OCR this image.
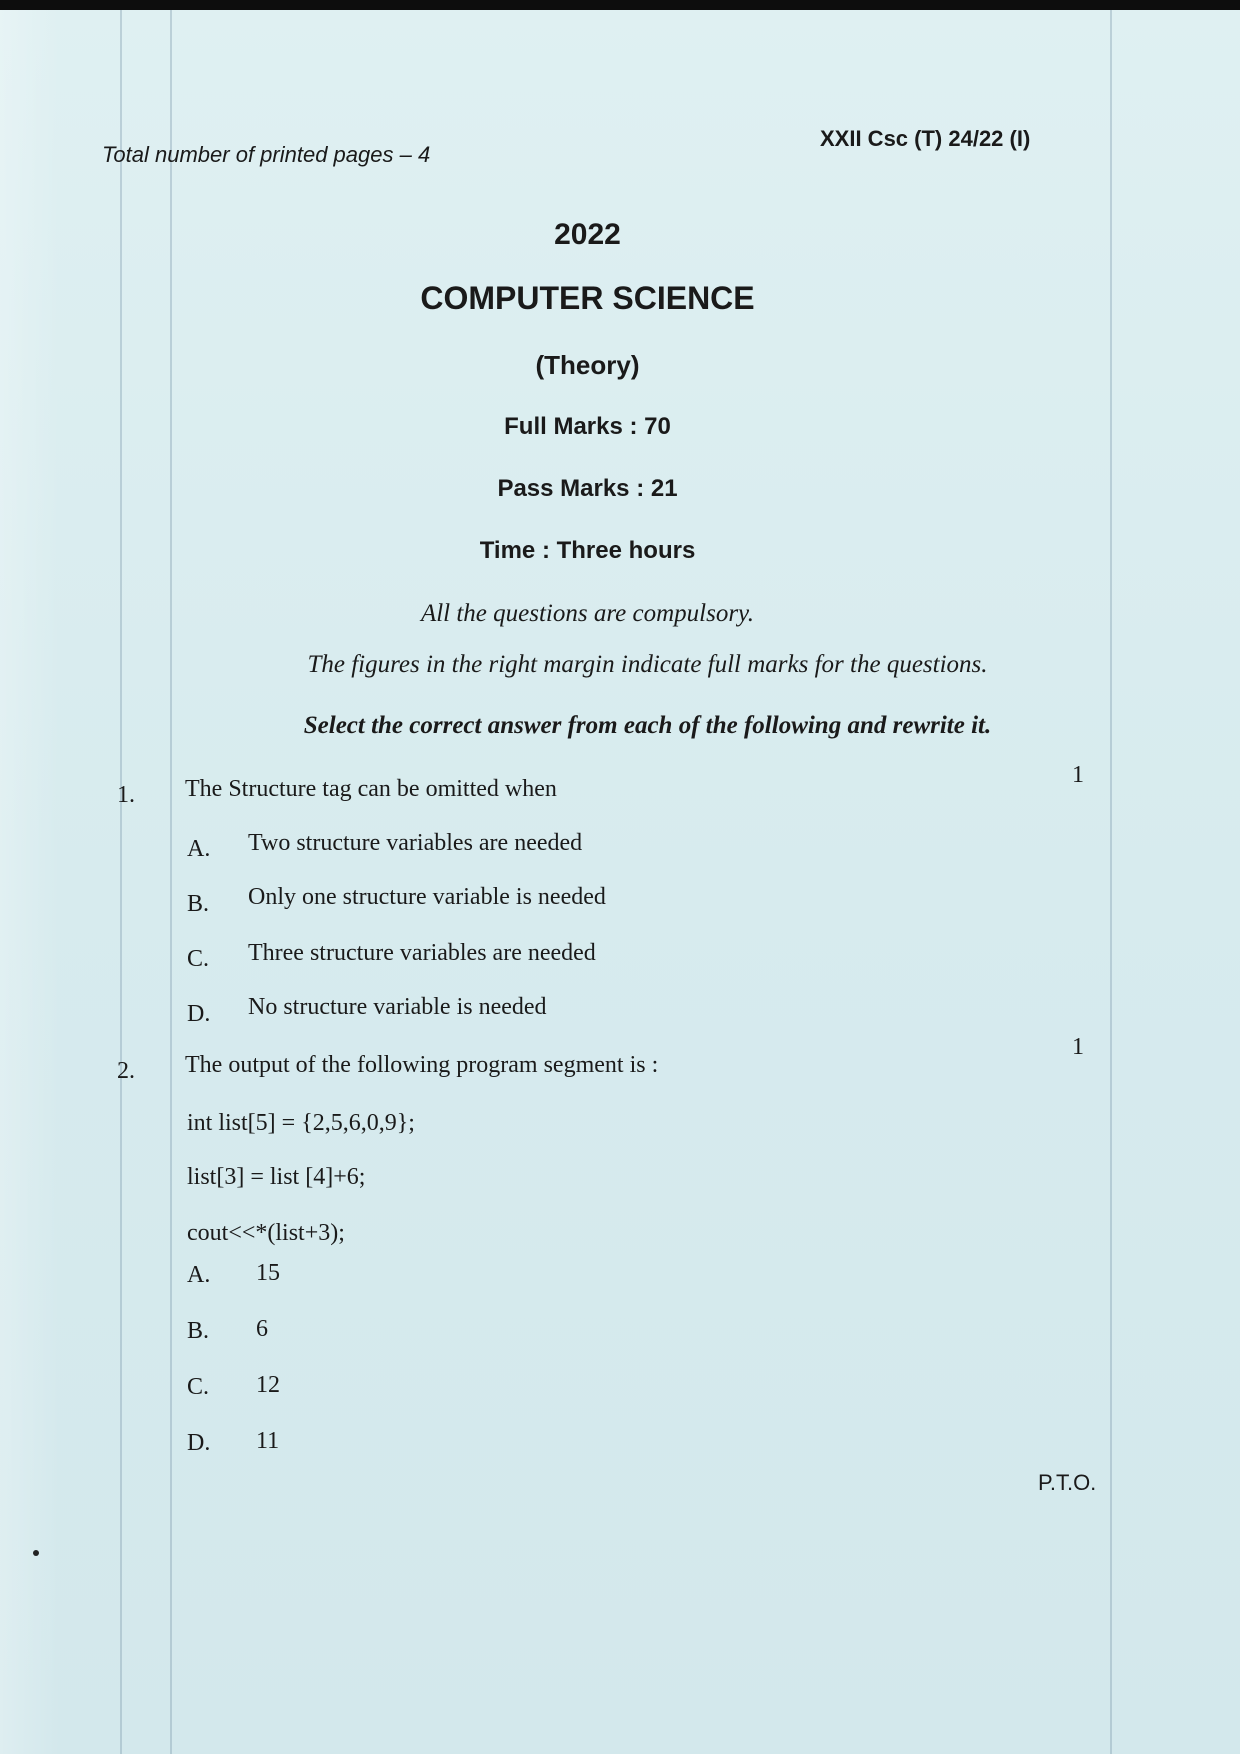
Total number of printed pages – 4
XXII Csc (T) 24/22 (I)
2022
COMPUTER SCIENCE
(Theory)
Full Marks : 70
Pass Marks : 21
Time : Three hours
All the questions are compulsory.
The figures in the right margin indicate full marks for the questions.
Select the correct answer from each of the following and rewrite it.
1. The Structure tag can be omitted when
1
A. Two structure variables are needed
B. Only one structure variable is needed
C. Three structure variables are needed
D. No structure variable is needed
2. The output of the following program segment is :
1
int list[5] = {2,5,6,0,9};
list[3] = list [4]+6;
cout<<*(list+3);
A. 15
B. 6
C. 12
D. 11
P.T.O.
